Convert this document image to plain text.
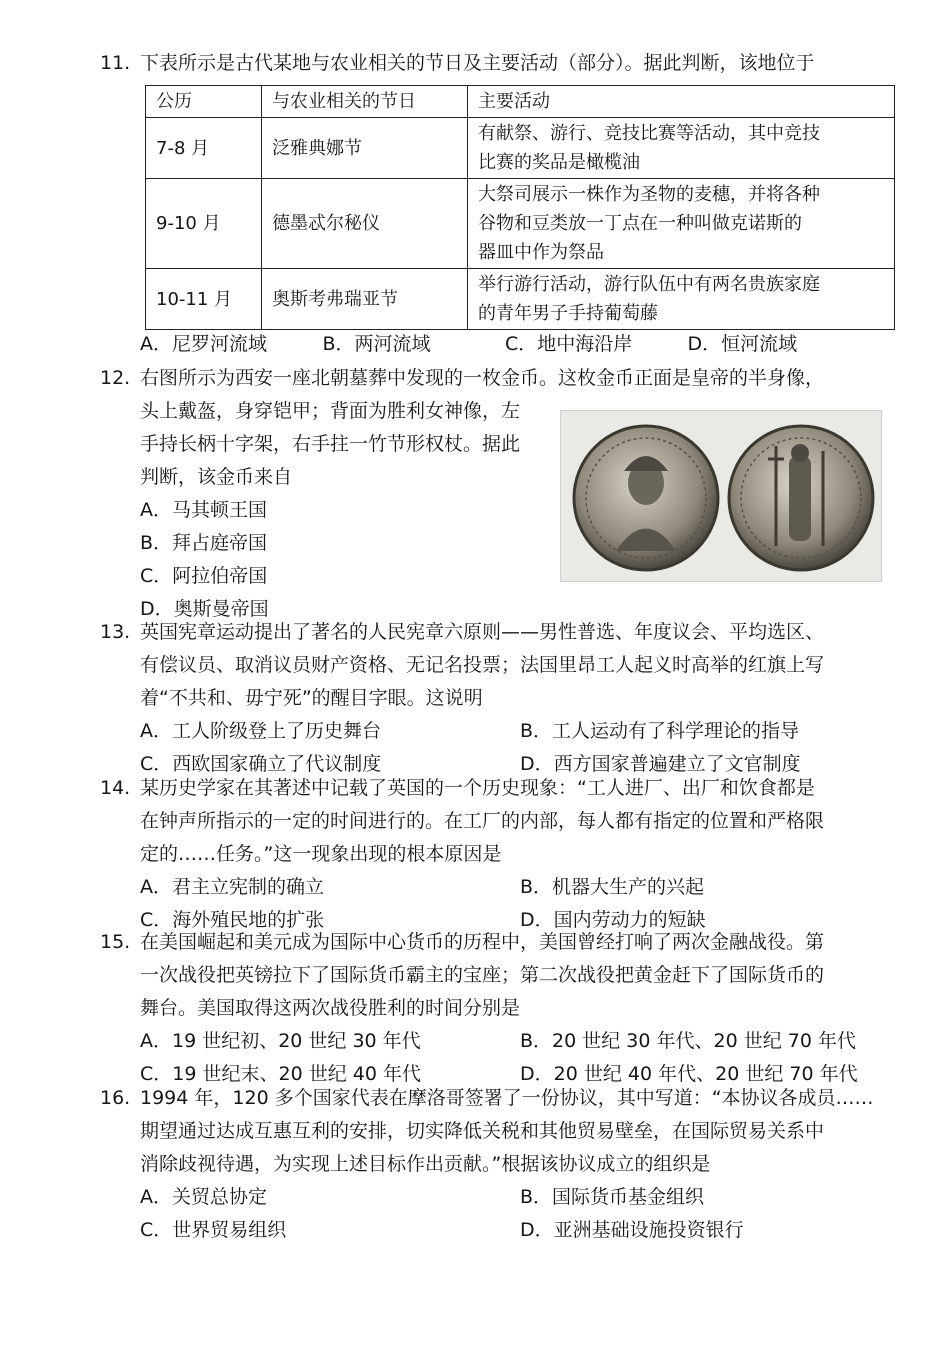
11. 下表所示是古代某地与农业相关的节日及主要活动（部分）。据此判断，该地位于
公历	与农业相关的节日	主要活动
7-8 月	泛雅典娜节	有献祭、游行、竞技比赛等活动，其中竞技
比赛的奖品是橄榄油

9-10 月	德墨忒尔秘仪	大祭司展示一株作为圣物的麦穗，并将各种
谷物和豆类放一丁点在一种叫做克诺斯的
器皿中作为祭品

10-11 月	奥斯考弗瑞亚节	举行游行活动，游行队伍中有两名贵族家庭
的青年男子手持葡萄藤
A．尼罗河流域	B．两河流域	C．地中海沿岸	D．恒河流域
12. 右图所示为西安一座北朝墓葬中发现的一枚金币。这枚金币正面是皇帝的半身像，
头上戴盔，身穿铠甲；背面为胜利女神像，左
手持长柄十字架，右手拄一竹节形权杖。据此
判断，该金币来自
A．马其顿王国
B．拜占庭帝国
C．阿拉伯帝国
D．奥斯曼帝国
13. 英国宪章运动提出了著名的人民宪章六原则——男性普选、年度议会、平均选区、
有偿议员、取消议员财产资格、无记名投票；法国里昂工人起义时高举的红旗上写
着“不共和、毋宁死”的醒目字眼。这说明
A．工人阶级登上了历史舞台	B．工人运动有了科学理论的指导
C．西欧国家确立了代议制度	D．西方国家普遍建立了文官制度
14. 某历史学家在其著述中记载了英国的一个历史现象：“工人进厂、出厂和饮食都是
在钟声所指示的一定的时间进行的。在工厂的内部，每人都有指定的位置和严格限
定的……任务。”这一现象出现的根本原因是
A．君主立宪制的确立	B．机器大生产的兴起
C．海外殖民地的扩张	D．国内劳动力的短缺
15. 在美国崛起和美元成为国际中心货币的历程中，美国曾经打响了两次金融战役。第
一次战役把英镑拉下了国际货币霸主的宝座；第二次战役把黄金赶下了国际货币的
舞台。美国取得这两次战役胜利的时间分别是
A．19 世纪初、20 世纪 30 年代	B．20 世纪 30 年代、20 世纪 70 年代
C．19 世纪末、20 世纪 40 年代	D．20 世纪 40 年代、20 世纪 70 年代
16. 1994 年，120 多个国家代表在摩洛哥签署了一份协议，其中写道：“本协议各成员……
期望通过达成互惠互利的安排，切实降低关税和其他贸易壁垒，在国际贸易关系中
消除歧视待遇，为实现上述目标作出贡献。”根据该协议成立的组织是
A．关贸总协定	B．国际货币基金组织
C．世界贸易组织	D．亚洲基础设施投资银行
